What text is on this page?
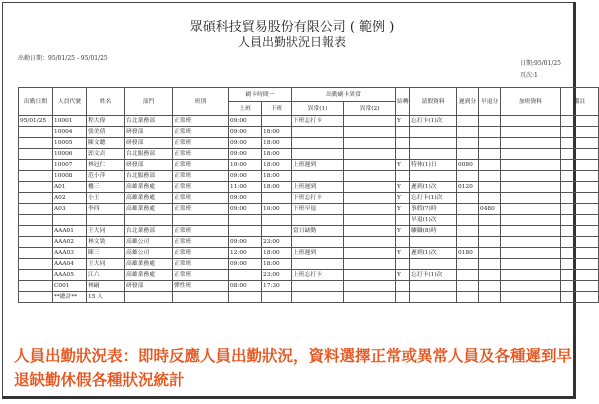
眾碩科技貿易股份有限公司 ( 範例 )
人員出勤狀況日報表
出勤日期：95/01/25 - 95/01/25
日期:95/01/25
頁次:1
出勤日期	人員代號	姓名	部門	班別	刷卡時間一		出勤刷卡異常		結轉	請假資料	遲到分	早退分	加班資料	備註
					上班	下班	異常(1)	異常(2)						
95/01/25	10001	程大偉	台北業務部	正常班	09:00		下班忘打卡		Y	忘打卡(1)次				
	10004	張美倩	研發部	正常班	09:00	18:00								
	10005	陳文聰	研發部	正常班	09:00	18:00								
	10006	郭文貞	台北服務部	正常班	09:00	18:00								
	10007	林冠仁	研發部	正常班	10:00	18:00	上班遲到		Y	特休(1)日	0080			
	10008	范小萍	台北服務部	正常班	09:00	18:00								
	A01	樓三	高雄業務處	正常班	11:00	18:00	上班遲到		Y	遲到(1)次	0120			
	A02	小王	高雄業務處	正常班	09:00		下班忘打卡		Y	忘打卡(1)次				
	A03	李四	高雄業務處	正常班	09:00	10:00	下班早退		Y	事假(7)時		0480		
										早退(1)次				
	AAA01	王大同	台北業務部	正常班			當日缺勤		Y	曠職(8)時				
	AAA02	林文裝	高雄公司	正常班	09:00	23:00								
	AAA03	陳三	高雄公司	正常班	12:00	18:00	上班遲到		Y	遲到(1)次	0180			
	AAA04	王大同	高雄業務處	正常班	09:00	18:00								
	AAA05	江六	高雄業務處	正常班		23:00	上班忘打卡		Y	忘打卡(1)次				
	C001	林嗣	研發部	彈性班	08:00	17:30								
	**總計**	15 人												
人員出勤狀況表：即時反應人員出勤狀況，資料選擇正常或異常人員及各種遲到早退缺勤休假各種狀況統計
